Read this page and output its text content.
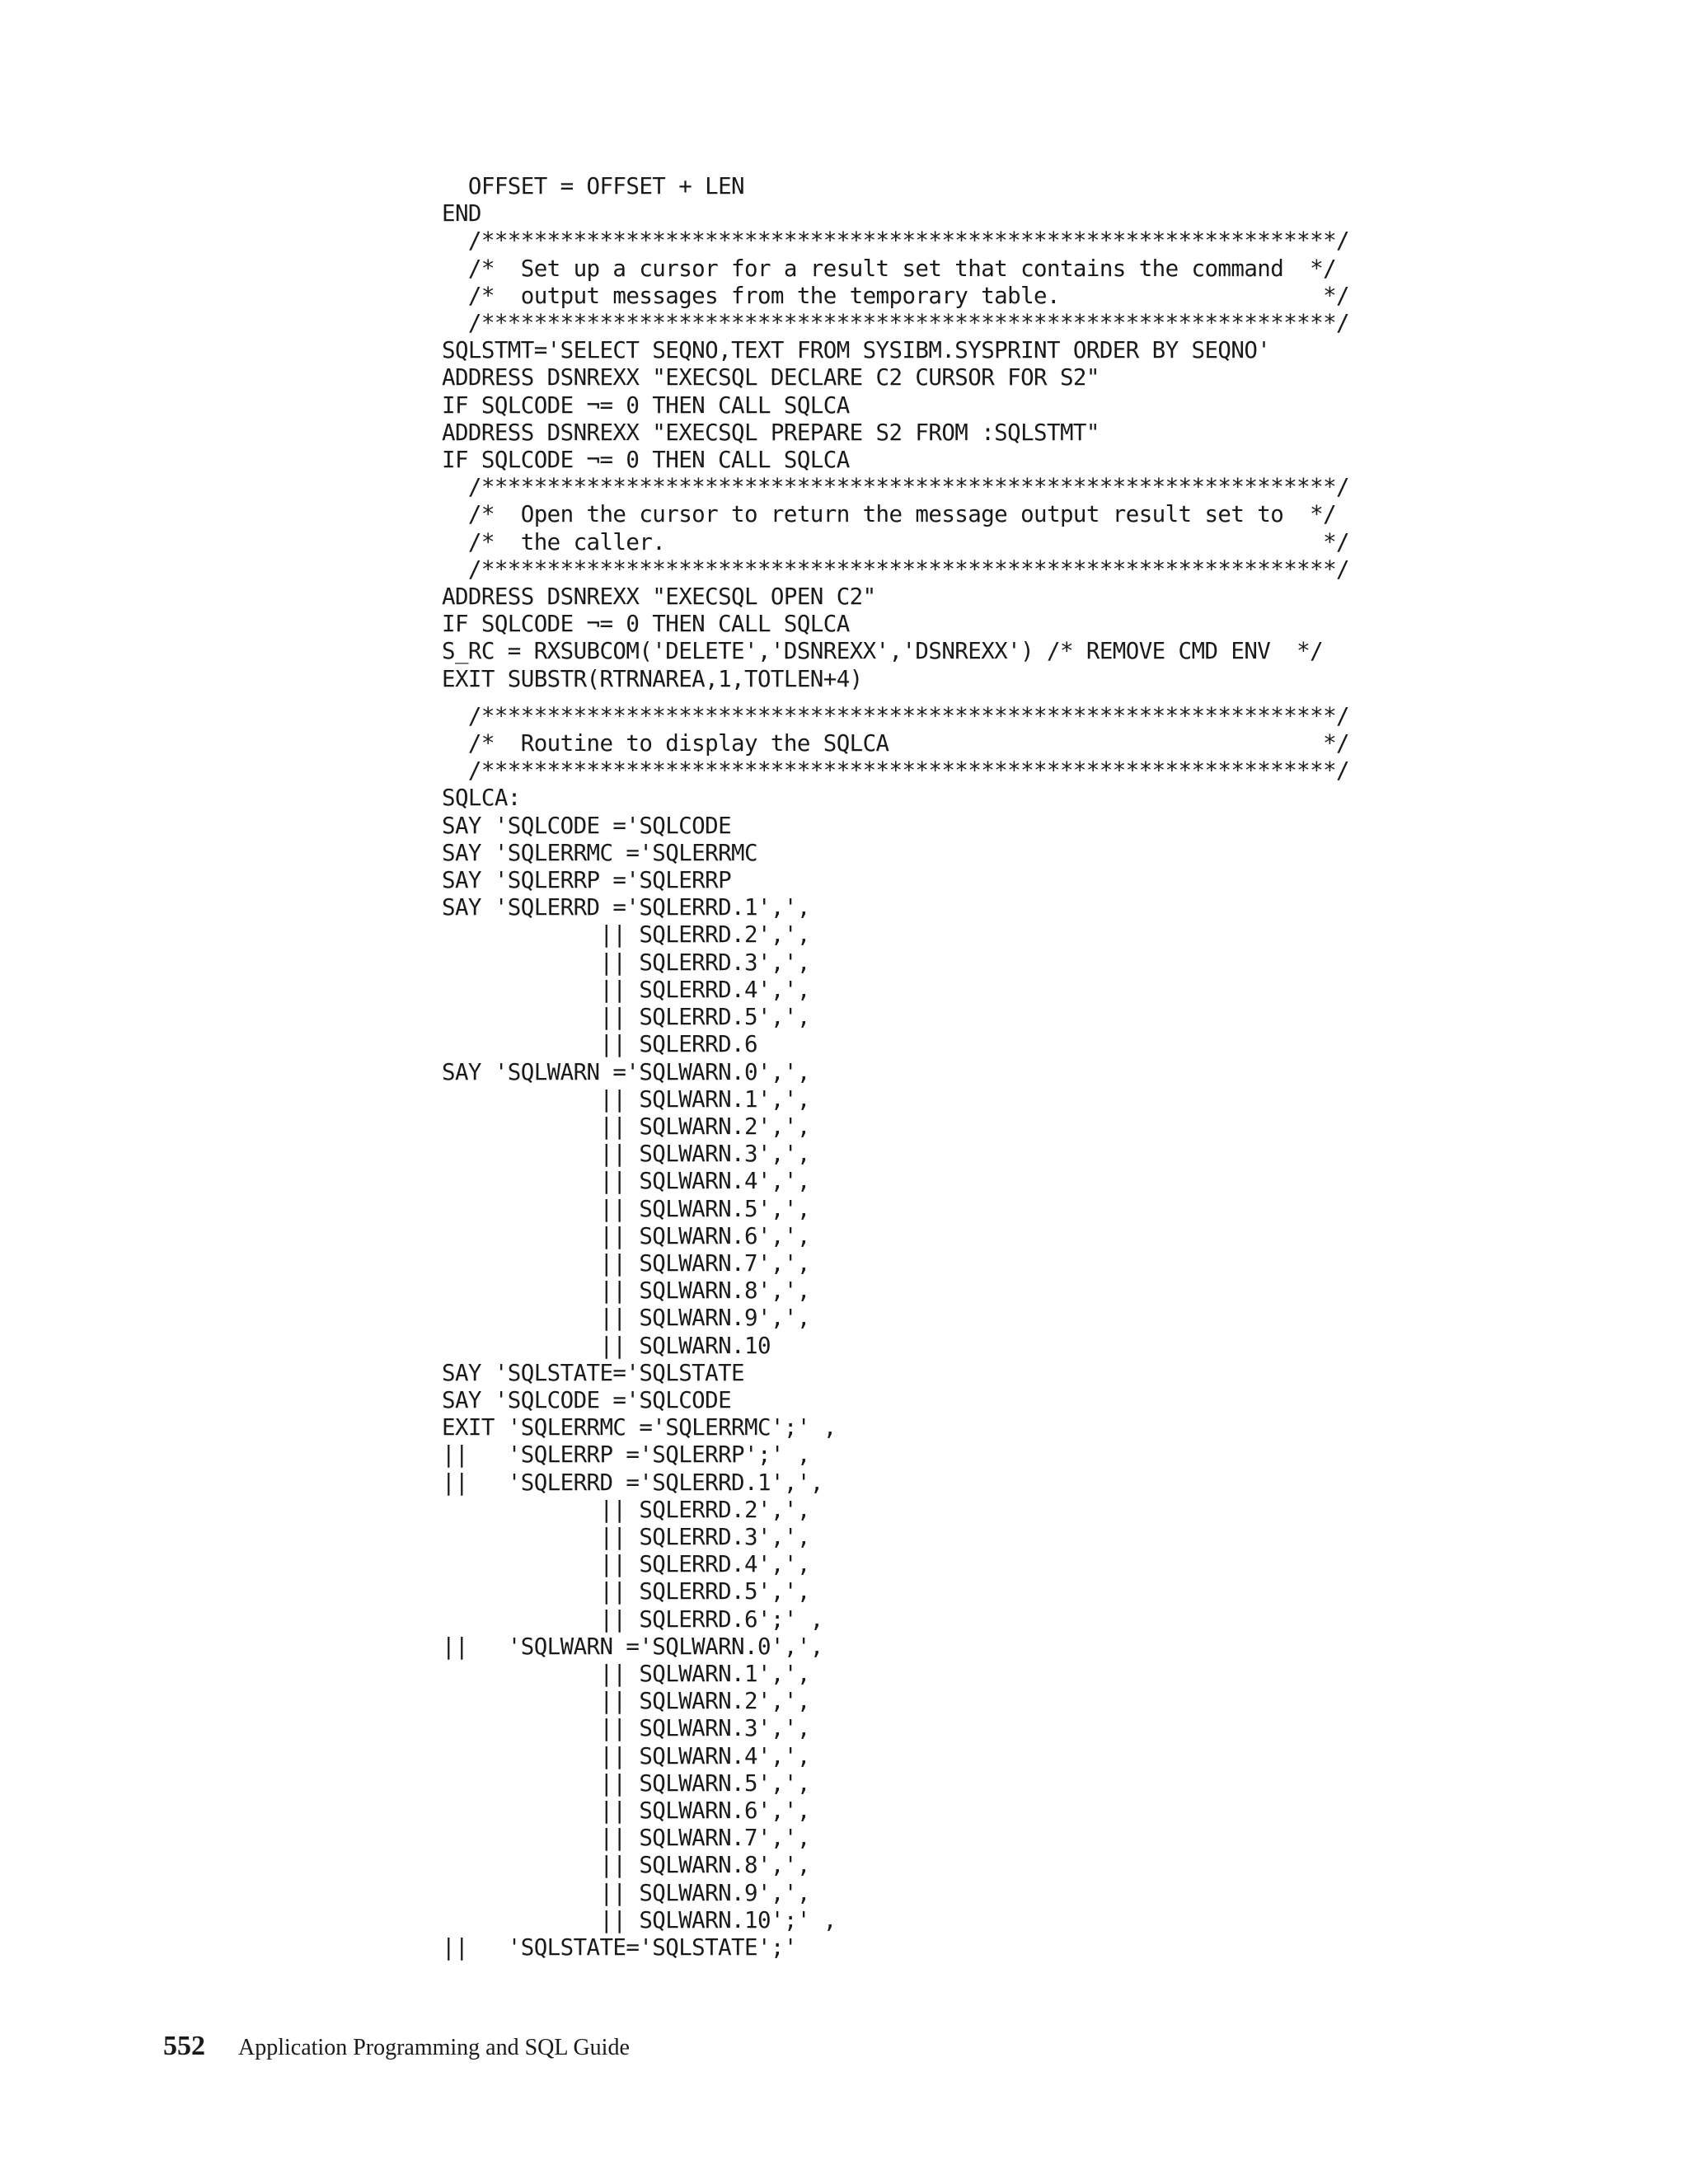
OFFSET = OFFSET + LEN
END
/*****************************************************************/
/*  Set up a cursor for a result set that contains the command  */
/*  output messages from the temporary table.                    */
/*****************************************************************/
SQLSTMT='SELECT SEQNO,TEXT FROM SYSIBM.SYSPRINT ORDER BY SEQNO'
ADDRESS DSNREXX "EXECSQL DECLARE C2 CURSOR FOR S2"
IF SQLCODE ¬= 0 THEN CALL SQLCA
ADDRESS DSNREXX "EXECSQL PREPARE S2 FROM :SQLSTMT"
IF SQLCODE ¬= 0 THEN CALL SQLCA
/*****************************************************************/
/*  Open the cursor to return the message output result set to  */
/*  the caller.                                                  */
/*****************************************************************/
ADDRESS DSNREXX "EXECSQL OPEN C2"
IF SQLCODE ¬= 0 THEN CALL SQLCA
S_RC = RXSUBCOM('DELETE','DSNREXX','DSNREXX') /* REMOVE CMD ENV  */
EXIT SUBSTR(RTRNAREA,1,TOTLEN+4)
/*****************************************************************/
/*  Routine to display the SQLCA                                 */
/*****************************************************************/
SQLCA:
SAY 'SQLCODE ='SQLCODE
SAY 'SQLERRMC ='SQLERRMC
SAY 'SQLERRP ='SQLERRP
SAY 'SQLERRD ='SQLERRD.1',',
|| SQLERRD.2',',
|| SQLERRD.3',',
|| SQLERRD.4',',
|| SQLERRD.5',',
|| SQLERRD.6
SAY 'SQLWARN ='SQLWARN.0',',
|| SQLWARN.1',',
|| SQLWARN.2',',
|| SQLWARN.3',',
|| SQLWARN.4',',
|| SQLWARN.5',',
|| SQLWARN.6',',
|| SQLWARN.7',',
|| SQLWARN.8',',
|| SQLWARN.9',',
|| SQLWARN.10
SAY 'SQLSTATE='SQLSTATE
SAY 'SQLCODE ='SQLCODE
EXIT 'SQLERRMC ='SQLERRMC';' ,
||   'SQLERRP ='SQLERRP';' ,
||   'SQLERRD ='SQLERRD.1',',
|| SQLERRD.2',',
|| SQLERRD.3',',
|| SQLERRD.4',',
|| SQLERRD.5',',
|| SQLERRD.6';' ,
||   'SQLWARN ='SQLWARN.0',',
|| SQLWARN.1',',
|| SQLWARN.2',',
|| SQLWARN.3',',
|| SQLWARN.4',',
|| SQLWARN.5',',
|| SQLWARN.6',',
|| SQLWARN.7',',
|| SQLWARN.8',',
|| SQLWARN.9',',
|| SQLWARN.10';' ,
||   'SQLSTATE='SQLSTATE';'
552 Application Programming and SQL Guide
